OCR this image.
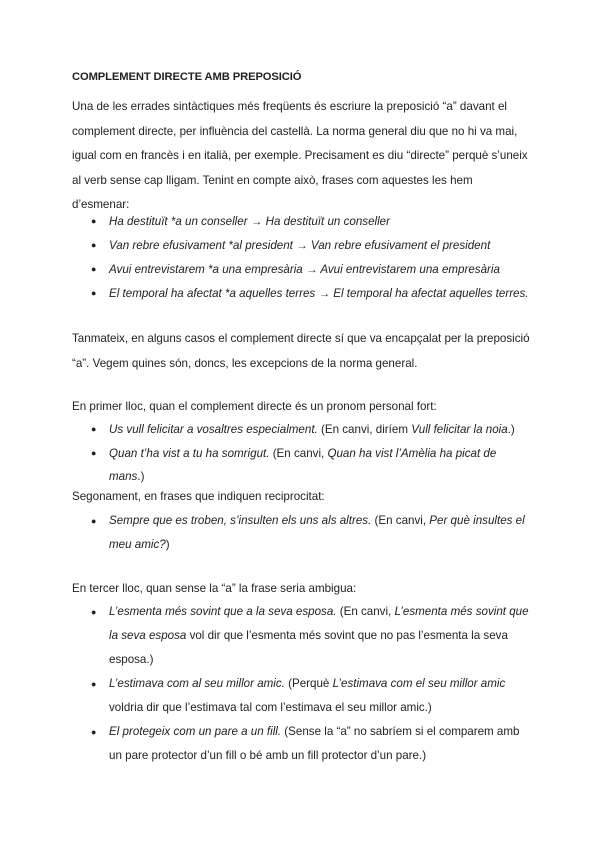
COMPLEMENT DIRECTE AMB PREPOSICIÓ
Una de les errades sintàctiques més freqüents és escriure la preposició “a” davant el complement directe, per influència del castellà. La norma general diu que no hi va mai, igual com en francès i en italià, per exemple. Precisament es diu “directe” perquè s’uneix al verb sense cap lligam. Tenint en compte això, frases com aquestes les hem d’esmenar:
● Ha destituït *a un conseller → Ha destituït un conseller
● Van rebre efusivament *al president → Van rebre efusivament el president
● Avui entrevistarem *a una empresària → Avui entrevistarem una empresària
● El temporal ha afectat *a aquelles terres → El temporal ha afectat aquelles terres.
Tanmateix, en alguns casos el complement directe sí que va encapçalat per la preposició “a”. Vegem quines són, doncs, les excepcions de la norma general.
En primer lloc, quan el complement directe és un pronom personal fort:
● Us vull felicitar a vosaltres especialment. (En canvi, diríem Vull felicitar la noia.)
● Quan t’ha vist a tu ha somrigut. (En canvi, Quan ha vist l’Amèlia ha picat de mans.)
Segonament, en frases que indiquen reciprocitat:
● Sempre que es troben, s’insulten els uns als altres. (En canvi, Per què insultes el meu amic?)
En tercer lloc, quan sense la “a” la frase seria ambigua:
● L’esmenta més sovint que a la seva esposa. (En canvi, L’esmenta més sovint que la seva esposa vol dir que l’esmenta més sovint que no pas l’esmenta la seva esposa.)
● L’estimava com al seu millor amic. (Perquè L’estimava com el seu millor amic voldria dir que l’estimava tal com l’estimava el seu millor amic.)
● El protegeix com un pare a un fill. (Sense la “a” no sabríem si el comparem amb un pare protector d’un fill o bé amb un fill protector d’un pare.)
